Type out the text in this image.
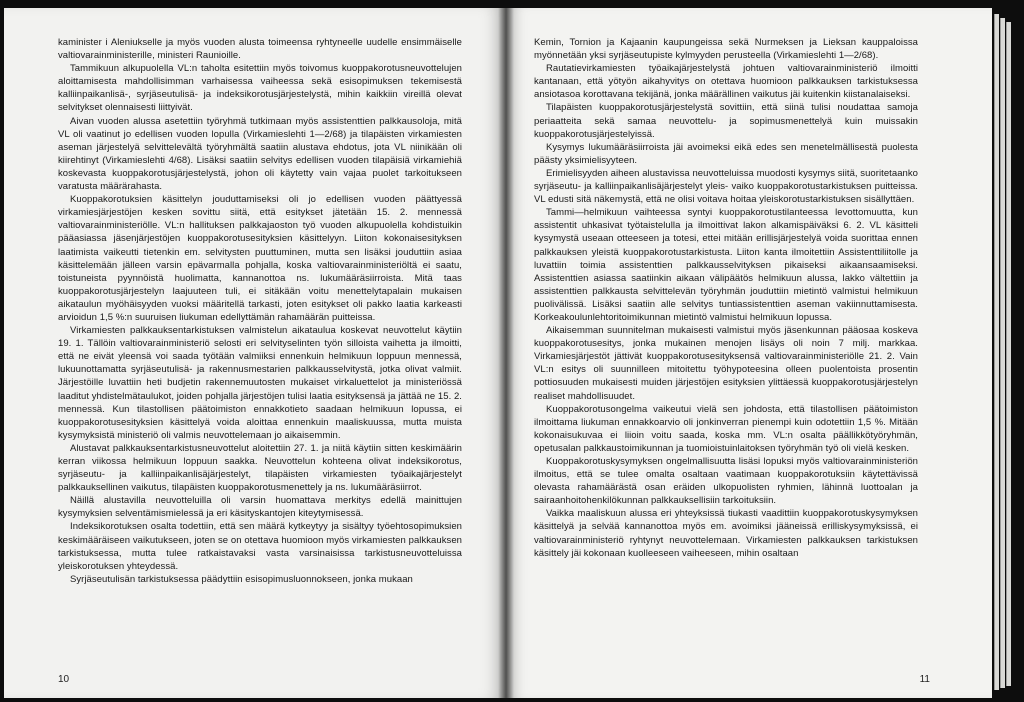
kaminister i Aleniukselle ja myös vuoden alusta toimeensa ryhtyneelle uudelle ensimmäiselle valtiovarainministerille, ministeri Raunioille.

Tammikuun alkupuolella VL:n taholta esitettiin myös toivomus kuoppakorotusneuvottelujen aloittamisesta mahdollisimman varhaisessa vaiheessa sekä esisopimuksen tekemisestä kalliinpaikanlisä-, syrjäseutulisä- ja indeksikorotusjärjestelystä, mihin kaikkiin vireillä olevat selvitykset olennaisesti liittyivät.

Aivan vuoden alussa asetettiin työryhmä tutkimaan myös assistenttien palkkausoloja, mitä VL oli vaatinut jo edellisen vuoden lopulla (Virkamieslehti 1—2/68) ja tilapäisten virkamiesten aseman järjestelyä selvittelevältä työryhmältä saatiin alustava ehdotus, jota VL niinikään oli kiirehtinyt (Virkamieslehti 4/68). Lisäksi saatiin selvitys edellisen vuoden tilapäisiä virkamiehiä koskevasta kuoppakorotusjärjestelystä, johon oli käytetty vain vajaa puolet tarkoitukseen varatusta määrärahasta.

Kuoppakorotuksien käsittelyn jouduttamiseksi oli jo edellisen vuoden päättyessä virkamiesjärjestöjen kesken sovittu siitä, että esitykset jätetään 15. 2. mennessä valtiovarainministeriölle. VL:n hallituksen palkkajaoston työ vuoden alkupuolella kohdistuikin pääasiassa jäsenjärjestöjen kuoppakorotusesityksien käsittelyyn. Liiton kokonaisesityksen laatimista vaikeutti tietenkin em. selvitysten puuttuminen, mutta sen lisäksi jouduttiin asiaa käsittelemään jälleen varsin epävarmalla pohjalla, koska valtiovarainministeriöltä ei saatu, toistuneista pyynnöistä huolimatta, kannanottoa ns. lukumääräsiirroista. Mitä taas kuoppakorotusjärjestelyn laajuuteen tuli, ei sitäkään voitu menettelytapalain mukaisen aikataulun myöhäisyyden vuoksi määritellä tarkasti, joten esitykset oli pakko laatia karkeasti arvioidun 1,5 %:n suuruisen liukuman edellyttämän rahamäärän puitteissa.

Virkamiesten palkkauksentarkistuksen valmistelun aikataulua koskevat neuvottelut käytiin 19. 1. Tällöin valtiovarainministeriö selosti eri selvityselinten työn silloista vaihetta ja ilmoitti, että ne eivät yleensä voi saada työtään valmiiksi ennenkuin helmikuun loppuun mennessä, lukuunottamatta syrjäseutulisä- ja rakennusmestarien palkkausselvitystä, jotka olivat valmiit. Järjestöille luvattiin heti budjetin rakennemuutosten mukaiset virkaluettelot ja ministeriössä laaditut yhdistelmätaulukot, joiden pohjalla järjestöjen tulisi laatia esityksensä ja jättää ne 15. 2. mennessä. Kun tilastollisen päätoimiston ennakkotieto saadaan helmikuun lopussa, ei kuoppakorotusesityksien käsittelyä voida aloittaa ennenkuin maaliskuussa, mutta muista kysymyksistä ministeriö oli valmis neuvottelemaan jo aikaisemmin.

Alustavat palkkauksentarkistusneuvottelut aloitettiin 27. 1. ja niitä käytiin sitten keskimäärin kerran viikossa helmikuun loppuun saakka. Neuvottelun kohteena olivat indeksikorotus, syrjäseutu- ja kalliinpaikanlisäjärjestelyt, tilapäisten virkamiesten työaikajärjestelyt palkkauksellinen vaikutus, tilapäisten kuoppakorotusmenettely ja ns. lukumääräsiirrot.

Näillä alustavilla neuvotteluilla oli varsin huomattava merkitys edellä mainittujen kysymyksien selventämismielessä ja eri käsityskantojen kiteytymisessä.

Indeksikorotuksen osalta todettiin, että sen määrä kytkeytyy ja sisältyy työehtosopimuksien keskimääräiseen vaikutukseen, joten se on otettava huomioon myös virkamiesten palkkauksen tarkistuksessa, mutta tulee ratkaistavaksi vasta varsinaisissa tarkistusneuvotteluissa yleiskorotuksen yhteydessä.

Syrjäseutulisän tarkistuksessa päädyttiin esisopimusluonnokseen, jonka mukaan

10

Kemin, Tornion ja Kajaanin kaupungeissa sekä Nurmeksen ja Lieksan kauppaloissa myönnetään yksi syrjäseutupiste kylmyyden perusteella (Virkamieslehti 1—2/68).

Rautatievirkamiesten työaikajärjestelystä johtuen valtiovarainministeriö ilmoitti kantanaan, että yötyön aikahyvitys on otettava huomioon palkkauksen tarkistuksessa ansiotasoa korottavana tekijänä, jonka määrällinen vaikutus jäi kuitenkin kiistanalaiseksi.

Tilapäisten kuoppakorotusjärjestelystä sovittiin, että siinä tulisi noudattaa samoja periaatteita sekä samaa neuvottelu- ja sopimusmenettelyä kuin muissakin kuoppakorotusjärjestelyissä.

Kysymys lukumääräsiirroista jäi avoimeksi eikä edes sen menetelmällisestä puolesta päästy yksimielisyyteen.

Erimielisyyden aiheen alustavissa neuvotteluissa muodosti kysymys siitä, suoritetaanko syrjäseutu- ja kalliinpaikanlisäjärjestelyt yleis- vaiko kuoppakorotustarkistuksen puitteissa. VL edusti sitä näkemystä, että ne olisi voitava hoitaa yleiskorotustarkistuksen sisällyttäen.

Tammi—helmikuun vaihteessa syntyi kuoppakorotustilanteessa levottomuutta, kun assistentit uhkasivat työtaistelulla ja ilmoittivat lakon alkamispäiväksi 6. 2. VL käsitteli kysymystä useaan otteeseen ja totesi, ettei mitään erillisjärjestelyä voida suorittaa ennen palkkauksen yleistä kuoppakorotustarkistusta. Liiton kanta ilmoitettiin Assistenttiliitolle ja luvattiin toimia assistenttien palkkausselvityksen pikaiseksi aikaansaamiseksi. Assistenttien asiassa saatiinkin aikaan välipäätös helmikuun alussa, lakko vältettiin ja assistenttien palkkausta selvittelevän työryhmän jouduttiin mietintö valmistui helmikuun puolivälissä. Lisäksi saatiin alle selvitys tuntiassistenttien aseman vakiinnuttamisesta. Korkeakoulunlehtoritoimikunnan mietintö valmistui helmikuun lopussa.

Aikaisemman suunnitelman mukaisesti valmistui myös jäsenkunnan pääosaa koskeva kuoppakorotusesitys, jonka mukainen menojen lisäys oli noin 7 milj. markkaa. Virkamiesjärjestöt jättivät kuoppakorotusesityksensä valtiovarainministeriölle 21. 2. Vain VL:n esitys oli suunnilleen mitoitettu työhypoteesina olleen puolentoista prosentin pottiosuuden mukaisesti muiden järjestöjen esityksien ylittäessä kuoppakorotusjärjestelyn realiset mahdollisuudet.

Kuoppakorotusongelma vaikeutui vielä sen johdosta, että tilastollisen päätoimiston ilmoittama liukuman ennakkoarvio oli jonkinverran pienempi kuin odotettiin 1,5 %. Mitään kokonaisukuvaa ei liioin voitu saada, koska mm. VL:n osalta päällikkötyöryhmän, opetusalan palkkaustoimikunnan ja tuomioistuinlaitoksen työryhmän työ oli vielä kesken.

Kuoppakorotuskysymyksen ongelmallisuutta lisäsi lopuksi myös valtiovarainministeriön ilmoitus, että se tulee omalta osaltaan vaatimaan kuoppakorotuksiin käytettävissä olevasta rahamäärästä osan eräiden ulkopuolisten ryhmien, lähinnä luottoalan ja sairaanhoitohenkilökunnan palkkauksellisiin tarkoituksiin.

Vaikka maaliskuun alussa eri yhteyksissä tiukasti vaadittiin kuoppakorotuskysymyksen käsittelyä ja selvää kannanottoa myös em. avoimiksi jääneissä erilliskysymyksissä, ei valtiovarainministeriö ryhtynyt neuvottelemaan. Virkamiesten palkkauksen tarkistuksen käsittely jäi kokonaan kuolleeseen vaiheeseen, mihin osaltaan

11
